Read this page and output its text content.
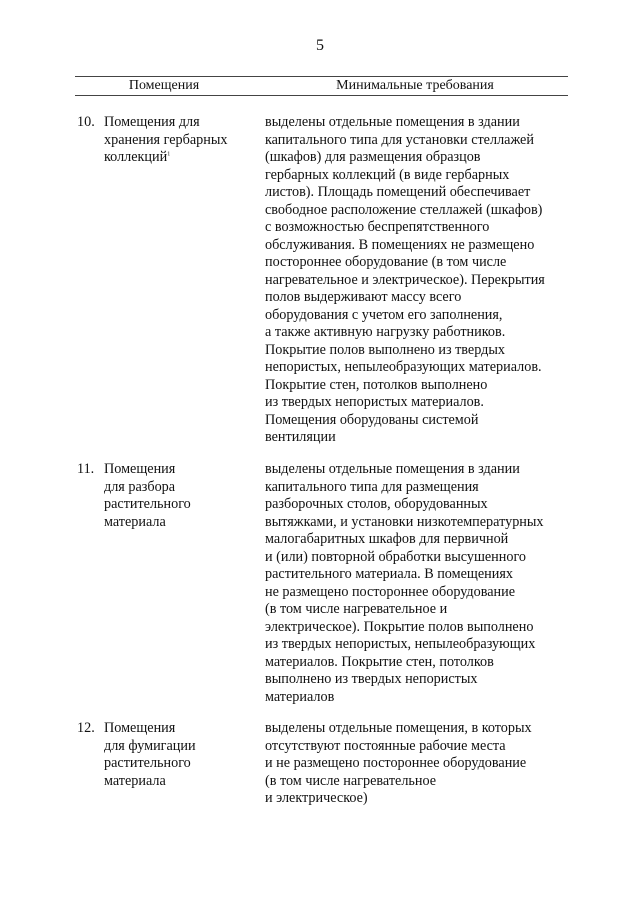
5
Помещения	Минимальные требования
10. Помещения для
хранения гербарных
коллекций$^1$
выделены отдельные помещения в здании
капитального типа для установки стеллажей
(шкафов) для размещения образцов
гербарных коллекций (в виде гербарных
листов). Площадь помещений обеспечивает
свободное расположение стеллажей (шкафов)
с возможностью беспрепятственного
обслуживания. В помещениях не размещено
постороннее оборудование (в том числе
нагревательное и электрическое). Перекрытия
полов выдерживают массу всего
оборудования с учетом его заполнения,
а также активную нагрузку работников.
Покрытие полов выполнено из твердых
непористых, непылеобразующих материалов.
Покрытие стен, потолков выполнено
из твердых непористых материалов.
Помещения оборудованы системой
вентиляции
11. Помещения
для разбора
растительного
материала
выделены отдельные помещения в здании
капитального типа для размещения
разборочных столов, оборудованных
вытяжками, и установки низкотемпературных
малогабаритных шкафов для первичной
и (или) повторной обработки высушенного
растительного материала. В помещениях
не размещено постороннее оборудование
(в том числе нагревательное и
электрическое). Покрытие полов выполнено
из твердых непористых, непылеобразующих
материалов. Покрытие стен, потолков
выполнено из твердых непористых
материалов
12. Помещения
для фумигации
растительного
материала
выделены отдельные помещения, в которых
отсутствуют постоянные рабочие места
и не размещено постороннее оборудование
(в том числе нагревательное
и электрическое)
